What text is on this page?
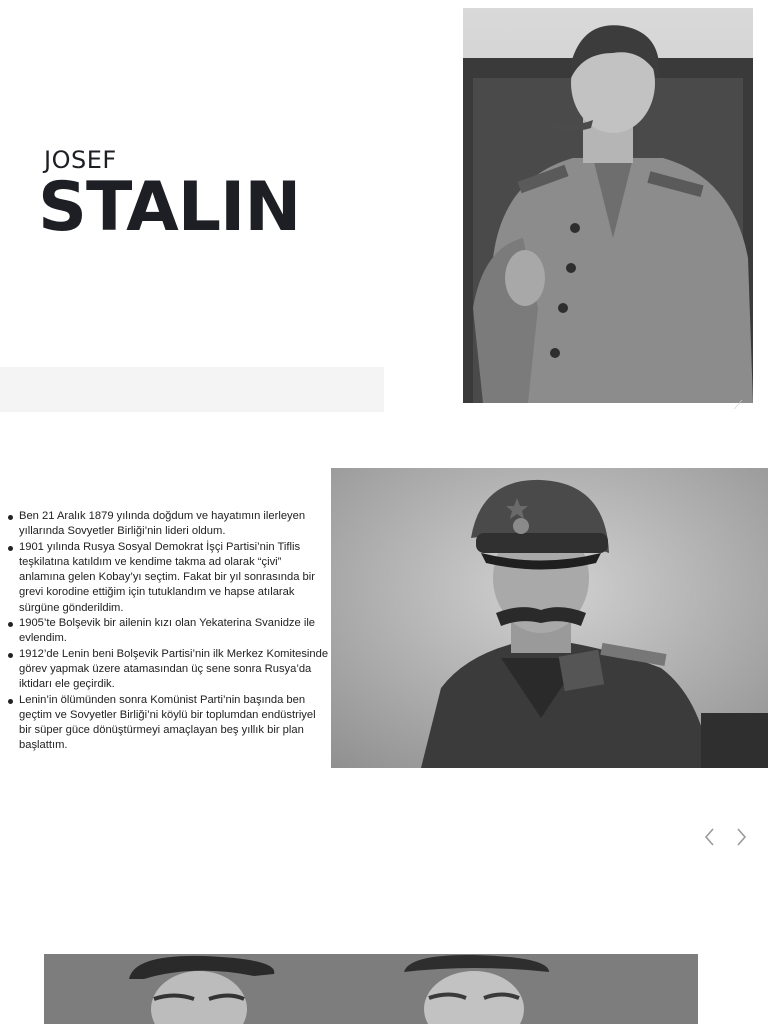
JOSEF
STALIN
⟋
Ben 21 Aralık 1879 yılında doğdum ve hayatımın ilerleyen yıllarında Sovyetler Birliği’nin lideri oldum.
1901 yılında Rusya Sosyal Demokrat İşçi Partisi’nin Tiflis teşkilatına katıldım ve kendime takma ad olarak “çivi” anlamına gelen Kobay’yı seçtim. Fakat bir yıl sonrasında bir grevi korodine ettiğim için tutuklandım ve hapse atılarak sürgüne gönderildim.
1905’te Bolşevik bir ailenin kızı olan Yekaterina Svanidze ile evlendim.
1912’de Lenin beni Bolşevik Partisi’nin ilk Merkez Komitesinde görev yapmak üzere atamasından üç sene sonra Rusya’da iktidarı ele geçirdik.
Lenin’in ölümünden sonra Komünist Parti’nin başında ben geçtim ve Sovyetler Birliği’ni köylü bir toplumdan endüstriyel bir süper güce dönüştürmeyi amaçlayan beş yıllık bir plan başlattım.
